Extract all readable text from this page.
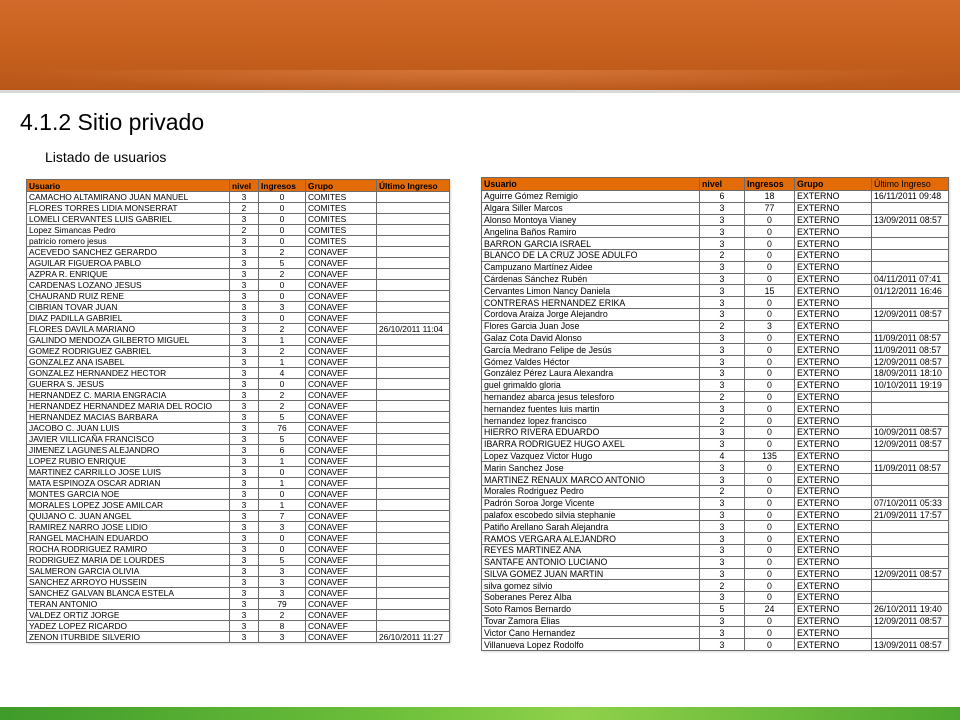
4.1.2 Sitio privado
Listado de usuarios
Usuario	nivel	Ingresos	Grupo	Último Ingreso
CAMACHO ALTAMIRANO JUAN MANUEL	3	0	COMITES	
FLORES TORRES LIDIA MONSERRAT	2	0	COMITES	
LOMELI CERVANTES LUIS GABRIEL	3	0	COMITES	
Lopez Simancas Pedro	2	0	COMITES	
patricio romero jesus	3	0	COMITES	
ACEVEDO SANCHEZ GERARDO	3	2	CONAVEF	
AGUILAR FIGUEROA PABLO	3	5	CONAVEF	
AZPRA R. ENRIQUE	3	2	CONAVEF	
CARDENAS LOZANO JESUS	3	0	CONAVEF	
CHAURAND RUIZ RENE	3	0	CONAVEF	
CIBRIAN TOVAR JUAN	3	3	CONAVEF	
DIAZ PADILLA GABRIEL	3	0	CONAVEF	
FLORES DAVILA MARIANO	3	2	CONAVEF	26/10/2011 11:04
GALINDO MENDOZA GILBERTO MIGUEL	3	1	CONAVEF	
GOMEZ RODRIGUEZ GABRIEL	3	2	CONAVEF	
GONZALEZ ANA ISABEL	3	1	CONAVEF	
GONZALEZ HERNANDEZ HECTOR	3	4	CONAVEF	
GUERRA S. JESUS	3	0	CONAVEF	
HERNANDEZ C. MARIA ENGRACIA	3	2	CONAVEF	
HERNANDEZ HERNANDEZ MARIA DEL ROCIO	3	2	CONAVEF	
HERNANDEZ MACIAS BARBARA	3	5	CONAVEF	
JACOBO C. JUAN LUIS	3	76	CONAVEF	
JAVIER VILLICAÑA FRANCISCO	3	5	CONAVEF	
JIMENEZ LAGUNES ALEJANDRO	3	6	CONAVEF	
LOPEZ RUBIO ENRIQUE	3	1	CONAVEF	
MARTINEZ CARRILLO JOSE LUIS	3	0	CONAVEF	
MATA ESPINOZA OSCAR ADRIAN	3	1	CONAVEF	
MONTES GARCIA NOE	3	0	CONAVEF	
MORALES LOPEZ JOSE AMILCAR	3	1	CONAVEF	
QUIJANO C. JUAN ANGEL	3	7	CONAVEF	
RAMIREZ NARRO JOSE LIDIO	3	3	CONAVEF	
RANGEL MACHAIN EDUARDO	3	0	CONAVEF	
ROCHA RODRIGUEZ RAMIRO	3	0	CONAVEF	
RODRIGUEZ MARIA DE LOURDES	3	5	CONAVEF	
SALMERON GARCIA OLIVIA	3	3	CONAVEF	
SANCHEZ ARROYO HUSSEIN	3	3	CONAVEF	
SANCHEZ GALVAN BLANCA ESTELA	3	3	CONAVEF	
TERAN ANTONIO	3	79	CONAVEF	
VALDEZ ORTIZ JORGE	3	2	CONAVEF	
YADEZ LOPEZ RICARDO	3	8	CONAVEF	
ZENON ITURBIDE SILVERIO	3	3	CONAVEF	26/10/2011 11:27
Usuario	nivel	Ingresos	Grupo	Último Ingreso
Aguirre Gómez Remigio	6	18	EXTERNO	16/11/2011 09:48
Algara Siller Marcos	3	77	EXTERNO	
Alonso Montoya Vianey	3	0	EXTERNO	13/09/2011 08:57
Angelina Baños Ramiro	3	0	EXTERNO	
BARRON GARCIA ISRAEL	3	0	EXTERNO	
BLANCO DE LA CRUZ JOSE ADULFO	2	0	EXTERNO	
Campuzano Martínez Aidee	3	0	EXTERNO	
Cárdenas Sánchez Rubén	3	0	EXTERNO	04/11/2011 07:41
Cervantes Limon Nancy Daniela	3	15	EXTERNO	01/12/2011 16:46
CONTRERAS HERNANDEZ ERIKA	3	0	EXTERNO	
Cordova Araiza Jorge Alejandro	3	0	EXTERNO	12/09/2011 08:57
Flores Garcia Juan Jose	2	3	EXTERNO	
Galaz Cota David Alonso	3	0	EXTERNO	11/09/2011 08:57
García Medrano Felipe de Jesús	3	0	EXTERNO	11/09/2011 08:57
Gómez Valdes Héctor	3	0	EXTERNO	12/09/2011 08:57
González Pérez Laura Alexandra	3	0	EXTERNO	18/09/2011 18:10
guel grimaldo gloria	3	0	EXTERNO	10/10/2011 19:19
hernandez abarca jesus telesforo	2	0	EXTERNO	
hernandez fuentes luis martin	3	0	EXTERNO	
hernandez lopez francisco	2	0	EXTERNO	
HIERRO RIVERA EDUARDO	3	0	EXTERNO	10/09/2011 08:57
IBARRA RODRIGUEZ HUGO AXEL	3	0	EXTERNO	12/09/2011 08:57
Lopez Vazquez Victor Hugo	4	135	EXTERNO	
Marin Sanchez Jose	3	0	EXTERNO	11/09/2011 08:57
MARTINEZ RENAUX MARCO ANTONIO	3	0	EXTERNO	
Morales Rodriguez Pedro	2	0	EXTERNO	
Padrón Soroa Jorge Vicente	3	0	EXTERNO	07/10/2011 05:33
palafox escobedo silvia stephanie	3	0	EXTERNO	21/09/2011 17:57
Patiño Arellano Sarah Alejandra	3	0	EXTERNO	
RAMOS VERGARA ALEJANDRO	3	0	EXTERNO	
REYES MARTINEZ ANA	3	0	EXTERNO	
SANTAFE ANTONIO LUCIANO	3	0	EXTERNO	
SILVA GOMEZ JUAN MARTIN	3	0	EXTERNO	12/09/2011 08:57
silva gomez silvio	2	0	EXTERNO	
Soberanes Perez Alba	3	0	EXTERNO	
Soto Ramos Bernardo	5	24	EXTERNO	26/10/2011 19:40
Tovar Zamora Elias	3	0	EXTERNO	12/09/2011 08:57
Victor Cano Hernandez	3	0	EXTERNO	
Villanueva Lopez Rodolfo	3	0	EXTERNO	13/09/2011 08:57
